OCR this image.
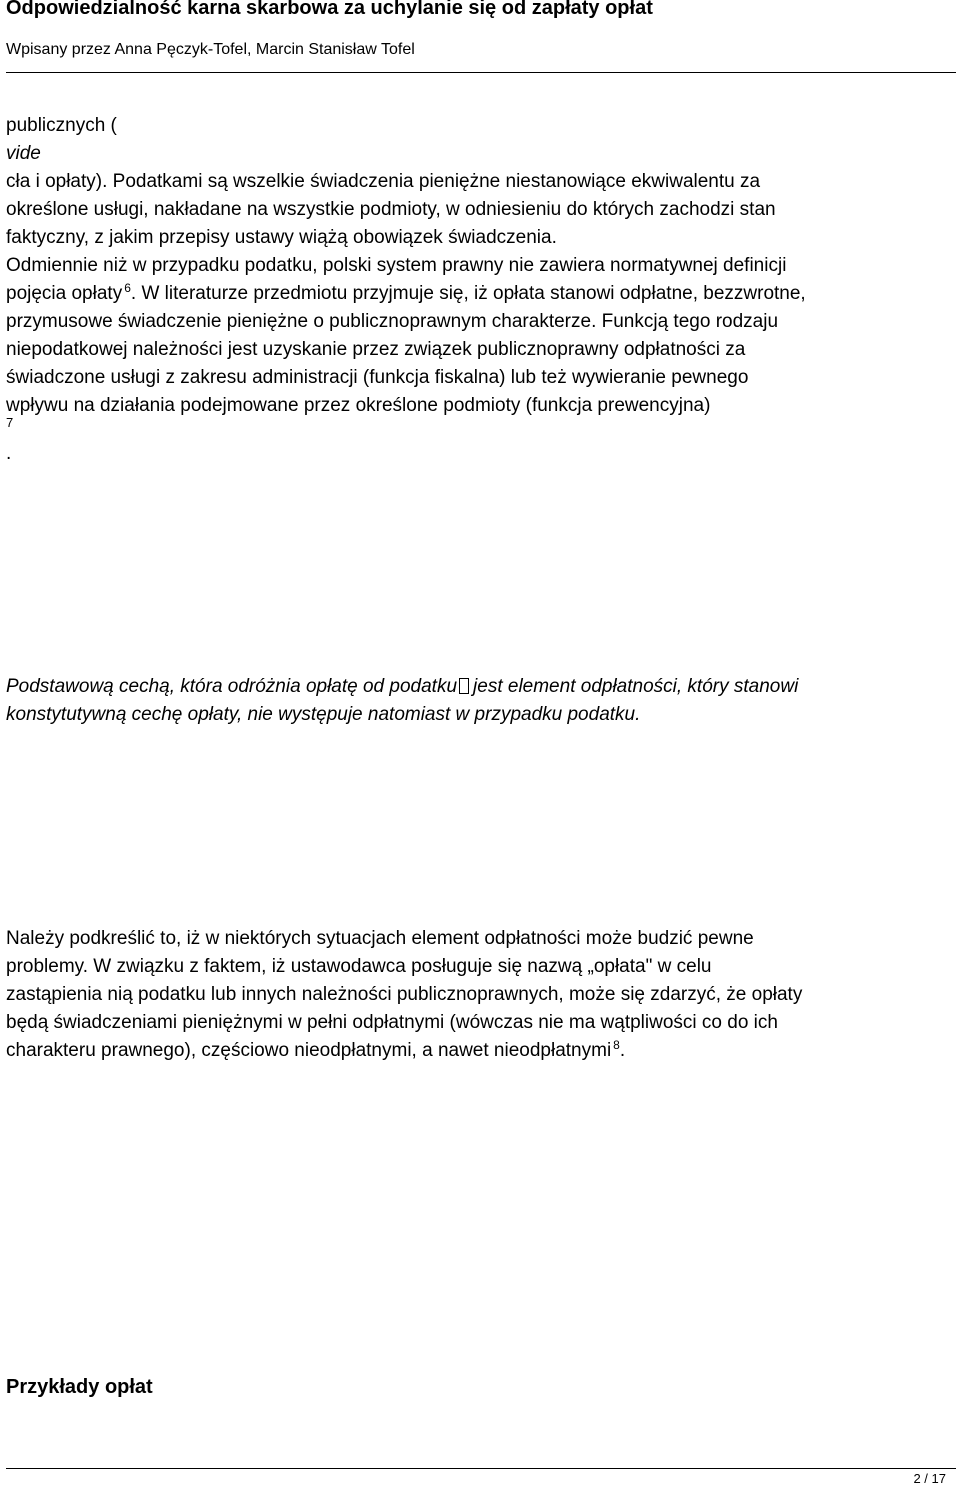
Odpowiedzialność karna skarbowa za uchylanie się od zapłaty opłat
Wpisany przez Anna Pęczyk-Tofel, Marcin Stanisław Tofel

publicznych (
vide
cła i opłaty). Podatkami są wszelkie świadczenia pieniężne niestanowiące ekwiwalentu za
określone usługi, nakładane na wszystkie podmioty, w odniesieniu do których zachodzi stan
faktyczny, z jakim przepisy ustawy wiążą obowiązek świadczenia.
Odmiennie niż w przypadku podatku, polski system prawny nie zawiera normatywnej definicji
pojęcia opłaty $^6$. W literaturze przedmiotu przyjmuje się, iż opłata stanowi odpłatne, bezzwrotne,
przymusowe świadczenie pieniężne o publicznoprawnym charakterze. Funkcją tego rodzaju
niepodatkowej należności jest uzyskanie przez związek publicznoprawny odpłatności za
świadczone usługi z zakresu administracji (funkcja fiskalna) lub też wywieranie pewnego
wpływu na działania podejmowane przez określone podmioty (funkcja prewencyjna)

7
.

Podstawową cechą, która odróżnia opłatę od podatku jest element odpłatności, który stanowi
konstytutywną cechę opłaty, nie występuje natomiast w przypadku podatku.

Należy podkreślić to, iż w niektórych sytuacjach element odpłatności może budzić pewne
problemy. W związku z faktem, iż ustawodawca posługuje się nazwą „opłata" w celu
zastąpienia nią podatku lub innych należności publicznoprawnych, może się zdarzyć, że opłaty
będą świadczeniami pieniężnymi w pełni odpłatnymi (wówczas nie ma wątpliwości co do ich
charakteru prawnego), częściowo nieodpłatnymi, a nawet nieodpłatnymi $^8$.

Przykłady opłat
2 / 17
